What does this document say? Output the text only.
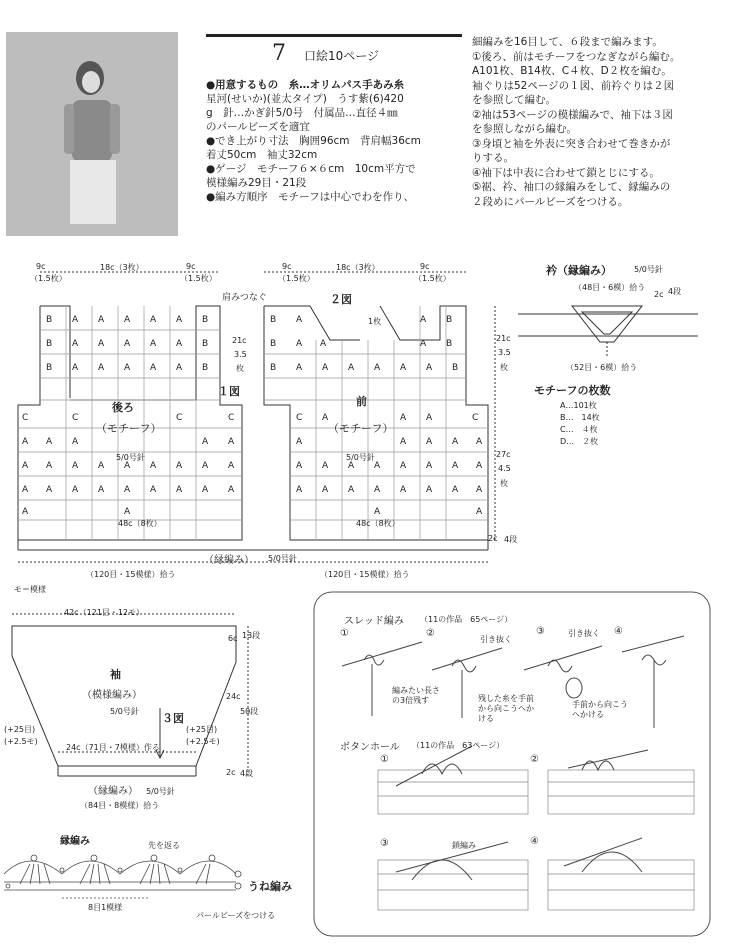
7 口絵10ページ
●用意するもの　糸…オリムパス手あみ糸
星河(せいか)(並太タイプ)　うす紫(6)420
g　針…かぎ針5/0号　付属品…直径４㎜
のパールビーズを適宜
●でき上がり寸法　胸囲96cm　背肩幅36cm
着丈50cm　袖丈32cm
●ゲージ　モチーフ６×６cm　10cm平方で
模様編み29目・21段
●編み方順序　モチーフは中心でわを作り、
細編みを16目して、６段まで編みます。
①後ろ、前はモチーフをつなぎながら編む。
A101枚、B14枚、C４枚、D２枚を編む。
袖ぐりは52ページの１図、前衿ぐりは２図
を参照して編む。
②袖は53ページの模様編みで、袖下は３図
を参照しながら編む。
③身頃と袖を外表に突き合わせて巻きかが
りする。
④袖下は中表に合わせて鎖とじにする。
⑤裾、衿、袖口の縁編みをして、縁編みの
２段めにパールビーズをつける。
B A A A A A B
B A A A A A B
B A A A A A B
C	C	C	C
A A A	A A
A A A A A A A A A
A A A A A A A A A
A	A
B A	A B
B A A	A B
B A A A A A A B
C A	A A	C
A	A A A A
A A A A A A A A
A A A A A A A A
A	A
9c	18c（3枚）	9c	9c	18c（3枚）	9c
（1.5枚）	（1.5枚）	（1.5枚）	（1.5枚）
肩みつなぐ	２図
1枚
21c
3.5
枚
１図
後ろ	前
（モチーフ）	（モチーフ）
5/0号針	5/0号針
21c
3.5
枚
27c
4.5
枚
2c 4段
48c（8枚）	48c（8枚）
（縁編み） 5/0号針
（120目・15模様）拾う	（120目・15模様）拾う
モ＝模様
衿（縁編み）	5/0号針
（48目・6模）拾う
2c 4段
（52目・6模）拾う
モチーフの枚数
A…101枚
B…　14枚
C…　４枚
D…　２枚
42c（121目・12モ）
6c 13段
24c
50段
2c 4段
袖
（模様編み）
5/0号針
３図
(+25目)
(+2.5モ)
(+25目)
(+2.5モ)
24c（71目・7模様）作る
（縁編み） 5/0号針
（84目・8模様）拾う
縁編み	先を返る
うね編み
8目1模様
パールビーズをつける
スレッド編み （11の作品　65ページ）
①	②	③	④
引き抜く
引き抜く
編みたい長さの3倍残す	残した糸を手前から向こうへかける
手前から向こうへかける
ボタンホール （11の作品　63ページ）
①	②
③	④
鎖編み
